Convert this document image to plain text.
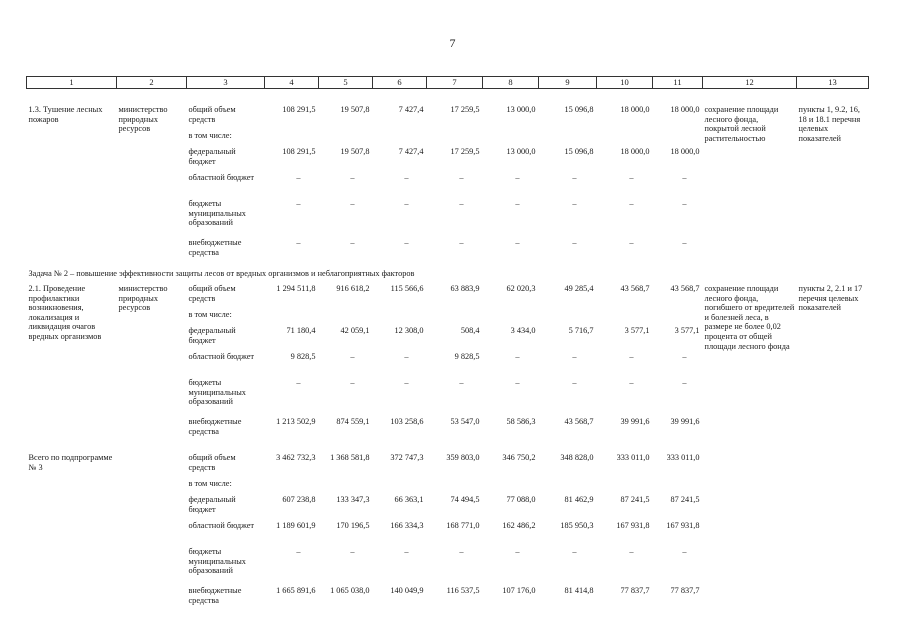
7
1	2	3	4	5	6	7	8	9	10	11	12	13

1.3. Тушение лесных пожаров	министерство природных ресурсов	общий объем средств	108 291,5	19 507,8	7 427,4	17 259,5	13 000,0	15 096,8	18 000,0	18 000,0	сохранение площади лесного фонда, покрытой лесной растительностью	пункты 1, 9.2, 16, 18 и 18.1 перечня целевых показателей
		в том числе:										
		федеральный бюджет	108 291,5	19 507,8	7 427,4	17 259,5	13 000,0	15 096,8	18 000,0	18 000,0		
		областной бюджет	–	–	–	–	–	–	–	–		
		бюджеты муниципальных образований	–	–	–	–	–	–	–	–		
		внебюджетные средства	–	–	–	–	–	–	–	–		
Задача № 2 – повышение эффективности защиты лесов от вредных организмов и неблагоприятных факторов												
2.1. Проведение профилактики возникновения, локализация и ликвидация очагов вредных организмов	министерство природных ресурсов	общий объем средств	1 294 511,8	916 618,2	115 566,6	63 883,9	62 020,3	49 285,4	43 568,7	43 568,7	сохранение площади лесного фонда, погибшего от вредителей и болезней леса, в размере не более 0,02 процента от общей площади лесного фонда	пункты 2, 2.1 и 17 перечня целевых показателей
		в том числе:										
		федеральный бюджет	71 180,4	42 059,1	12 308,0	508,4	3 434,0	5 716,7	3 577,1	3 577,1		
		областной бюджет	9 828,5	–	–	9 828,5	–	–	–	–		
		бюджеты муниципальных образований	–	–	–	–	–	–	–	–		
		внебюджетные средства	1 213 502,9	874 559,1	103 258,6	53 547,0	58 586,3	43 568,7	39 991,6	39 991,6		

Всего по подпрограмме № 3		общий объем средств	3 462 732,3	1 368 581,8	372 747,3	359 803,0	346 750,2	348 828,0	333 011,0	333 011,0		
		в том числе:										
		федеральный бюджет	607 238,8	133 347,3	66 363,1	74 494,5	77 088,0	81 462,9	87 241,5	87 241,5		
		областной бюджет	1 189 601,9	170 196,5	166 334,3	168 771,0	162 486,2	185 950,3	167 931,8	167 931,8		
		бюджеты муниципальных образований	–	–	–	–	–	–	–	–		
		внебюджетные средства	1 665 891,6	1 065 038,0	140 049,9	116 537,5	107 176,0	81 414,8	77 837,7	77 837,7		
